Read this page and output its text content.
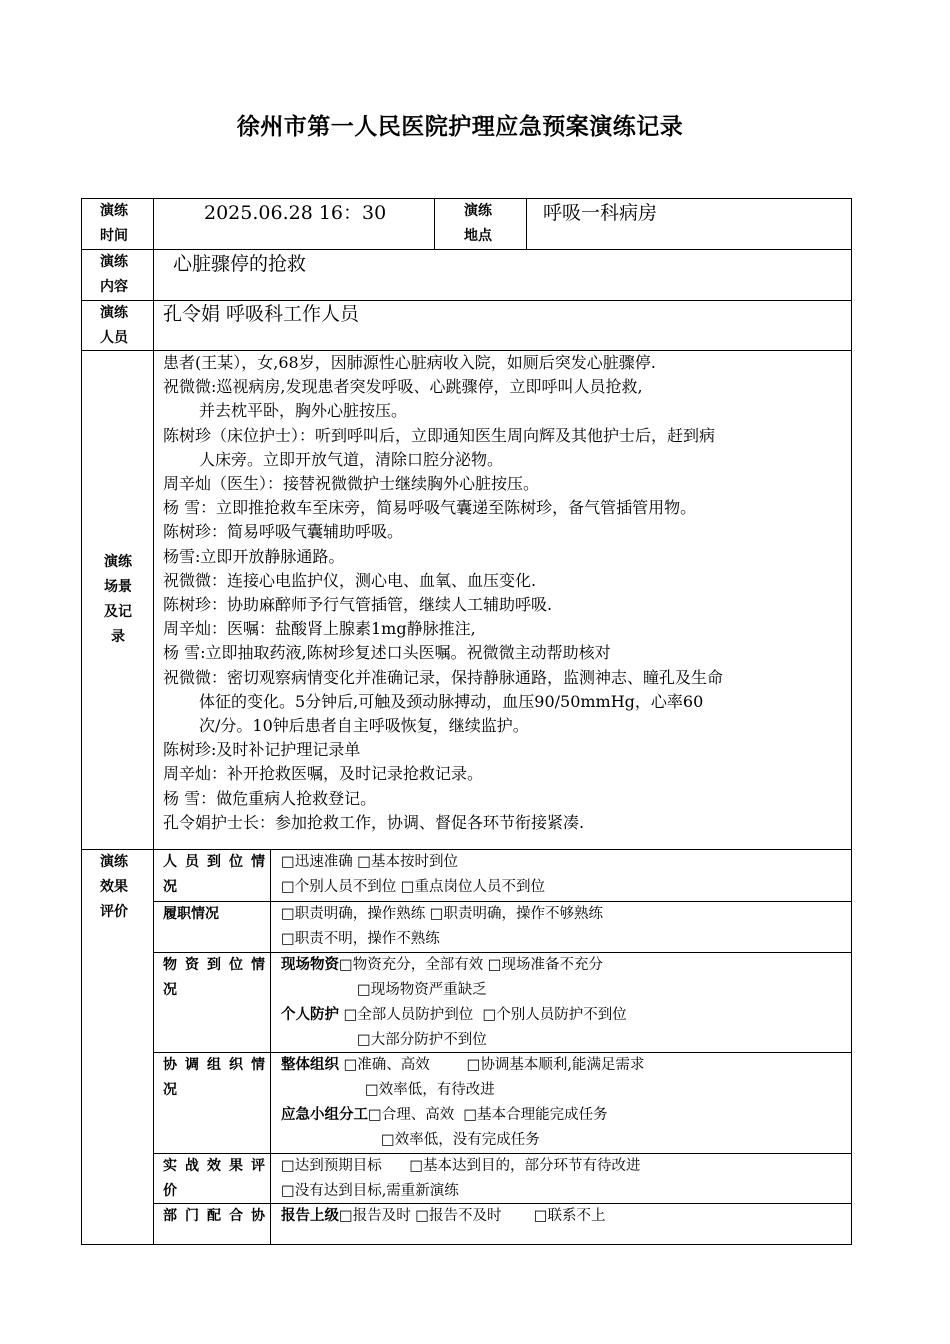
徐州市第一人民医院护理应急预案演练记录
演练
时间
2025.06.28 16：30	演练
地点
呼吸一科病房
演练
内容
心脏骤停的抢救
演练
人员
孔令娟 呼吸科工作人员
演练
场景
及记
录
患者(王某），女,68岁，因肺源性心脏病收入院，如厕后突发心脏骤停.
祝微微:巡视病房,发现患者突发呼吸、心跳骤停，立即呼叫人员抢救,
并去枕平卧，胸外心脏按压。
陈树珍（床位护士）：听到呼叫后，立即通知医生周向辉及其他护士后，赶到病
人床旁。立即开放气道，清除口腔分泌物。
周辛灿（医生）：接替祝微微护士继续胸外心脏按压。
杨 雪：立即推抢救车至床旁，简易呼吸气囊递至陈树珍，备气管插管用物。
陈树珍：简易呼吸气囊辅助呼吸。
杨雪:立即开放静脉通路。
祝微微：连接心电监护仪，测心电、血氧、血压变化.
陈树珍：协助麻醉师予行气管插管，继续人工辅助呼吸.
周辛灿：医嘱：盐酸肾上腺素1mg静脉推注,
杨 雪:立即抽取药液,陈树珍复述口头医嘱。祝微微主动帮助核对
祝微微：密切观察病情变化并准确记录，保持静脉通路，监测神志、瞳孔及生命
体征的变化。5分钟后,可触及颈动脉搏动，血压90/50mmHg，心率60
次/分。10钟后患者自主呼吸恢复，继续监护。
陈树珍:及时补记护理记录单
周辛灿：补开抢救医嘱，及时记录抢救记录。
杨 雪：做危重病人抢救登记。
孔令娟护士长：参加抢救工作，协调、督促各环节衔接紧凑.
演练
效果
评价
人员到位情
况
□迅速准确 □基本按时到位
□个别人员不到位 □重点岗位人员不到位
履职情况	□职责明确，操作熟练 □职责明确，操作不够熟练
□职责不明，操作不熟练
物资到位情
况
现场物资□物资充分，全部有效 □现场准备不充分
□现场物资严重缺乏
个人防护 □全部人员防护到位  □个别人员防护不到位
□大部分防护不到位
协调组织情
况
整体组织 □准确、高效        □协调基本顺利,能满足需求
□效率低，有待改进
应急小组分工□合理、高效  □基本合理能完成任务
□效率低，没有完成任务
实战效果评
价
□达到预期目标      □基本达到目的，部分环节有待改进
□没有达到目标,需重新演练
部门配合协 报告上级□报告及时 □报告不及时       □联系不上
